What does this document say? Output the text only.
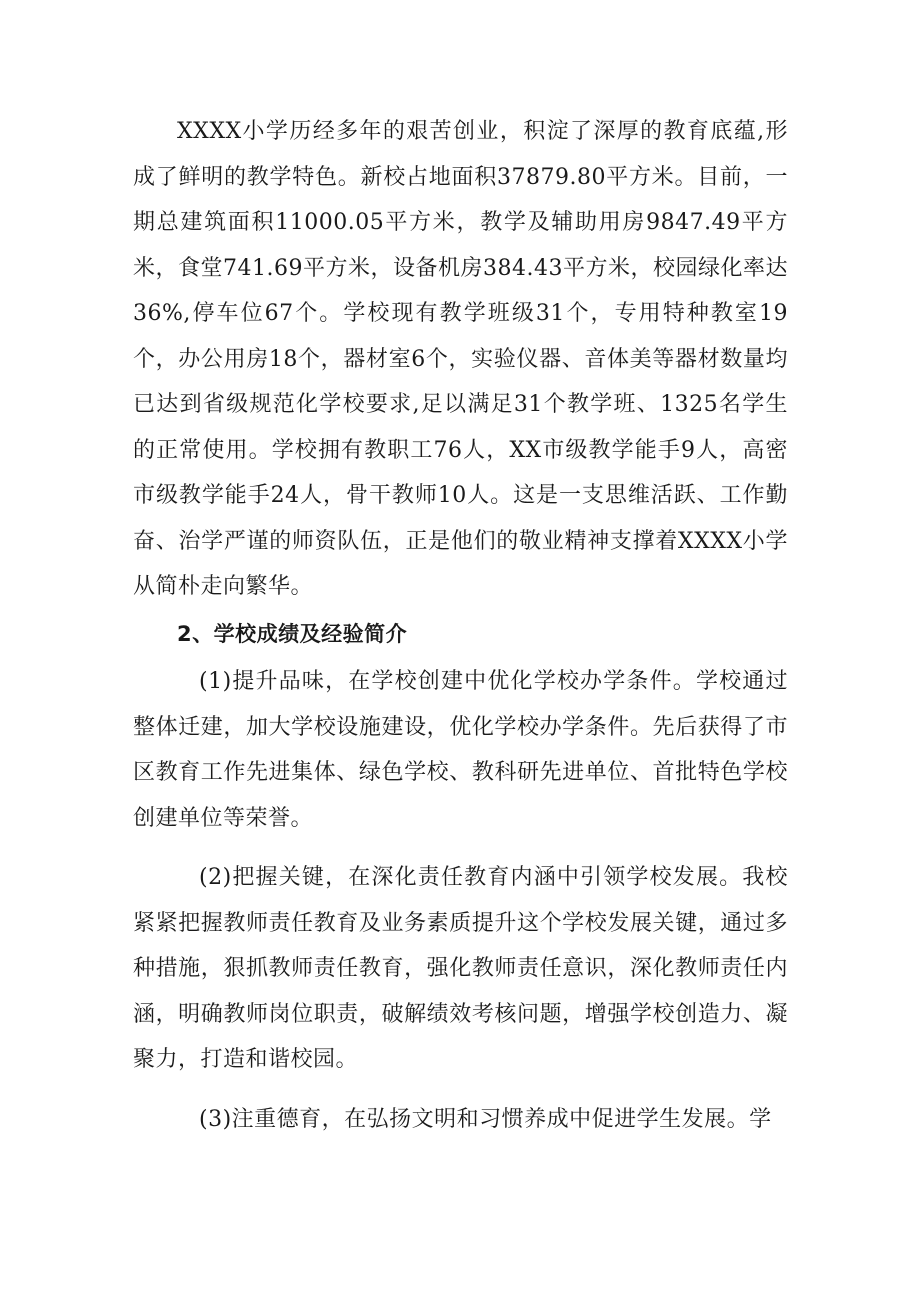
XXXX小学历经多年的艰苦创业，积淀了深厚的教育底蕴,形成了鲜明的教学特色。新校占地面积37879.80平方米。目前，一期总建筑面积11000.05平方米，教学及辅助用房9847.49平方米，食堂741.69平方米，设备机房384.43平方米，校园绿化率达36%,停车位67个。学校现有教学班级31个，专用特种教室19个，办公用房18个，器材室6个，实验仪器、音体美等器材数量均已达到省级规范化学校要求,足以满足31个教学班、1325名学生的正常使用。学校拥有教职工76人，XX市级教学能手9人，高密市级教学能手24人，骨干教师10人。这是一支思维活跃、工作勤奋、治学严谨的师资队伍，正是他们的敬业精神支撑着XXXX小学从简朴走向繁华。

2、学校成绩及经验简介

(1)提升品味，在学校创建中优化学校办学条件。学校通过整体迁建，加大学校设施建设，优化学校办学条件。先后获得了市区教育工作先进集体、绿色学校、教科研先进单位、首批特色学校创建单位等荣誉。

(2)把握关键，在深化责任教育内涵中引领学校发展。我校紧紧把握教师责任教育及业务素质提升这个学校发展关键，通过多种措施，狠抓教师责任教育，强化教师责任意识，深化教师责任内涵，明确教师岗位职责，破解绩效考核问题，增强学校创造力、凝聚力，打造和谐校园。

(3)注重德育，在弘扬文明和习惯养成中促进学生发展。学
